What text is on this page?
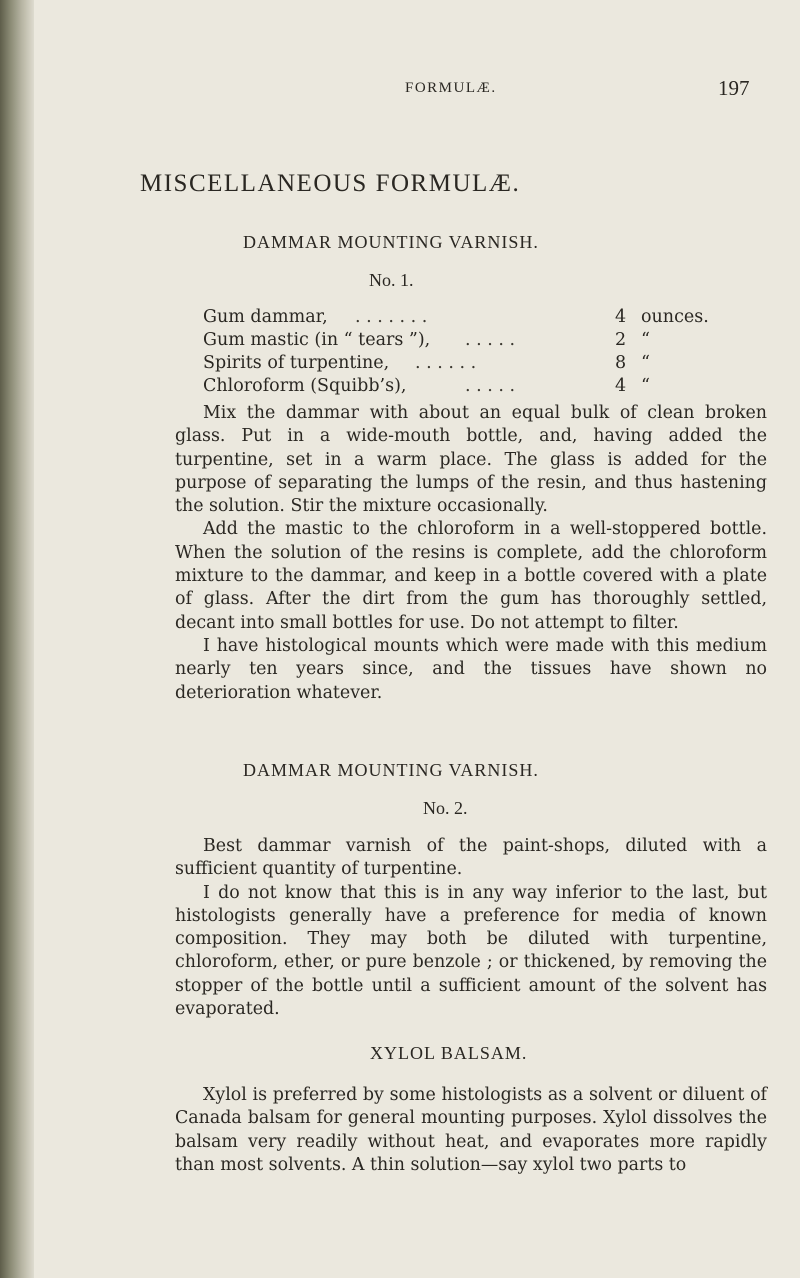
FORMULÆ.	197
MISCELLANEOUS FORMULÆ.
DAMMAR MOUNTING VARNISH.
No. 1.
Gum dammar, . . . . . . .	4 ounces.
Gum mastic (in “ tears ”), . . . . .	2 “
Spirits of turpentine, . . . . . .	8 “
Chloroform (Squibb’s),	. . . . .	4 “

Mix the dammar with about an equal bulk of clean broken glass. Put in a wide-mouth bottle, and, having added the turpentine, set in a warm place. The glass is added for the purpose of separating the lumps of the resin, and thus hastening the solution. Stir the mixture occasionally.

Add the mastic to the chloroform in a well-stoppered bottle. When the solution of the resins is complete, add the chloroform mixture to the dammar, and keep in a bottle covered with a plate of glass. After the dirt from the gum has thoroughly settled, decant into small bottles for use. Do not attempt to filter.

I have histological mounts which were made with this medium nearly ten years since, and the tissues have shown no deterioration whatever.

DAMMAR MOUNTING VARNISH.
No. 2.

Best dammar varnish of the paint-shops, diluted with a sufficient quantity of turpentine.

I do not know that this is in any way inferior to the last, but histologists generally have a preference for media of known composition. They may both be diluted with turpentine, chloroform, ether, or pure benzole ; or thickened, by removing the stopper of the bottle until a sufficient amount of the solvent has evaporated.

XYLOL BALSAM.

Xylol is preferred by some histologists as a solvent or diluent of Canada balsam for general mounting purposes. Xylol dissolves the balsam very readily without heat, and evaporates more rapidly than most solvents. A thin solution—say xylol two parts to
